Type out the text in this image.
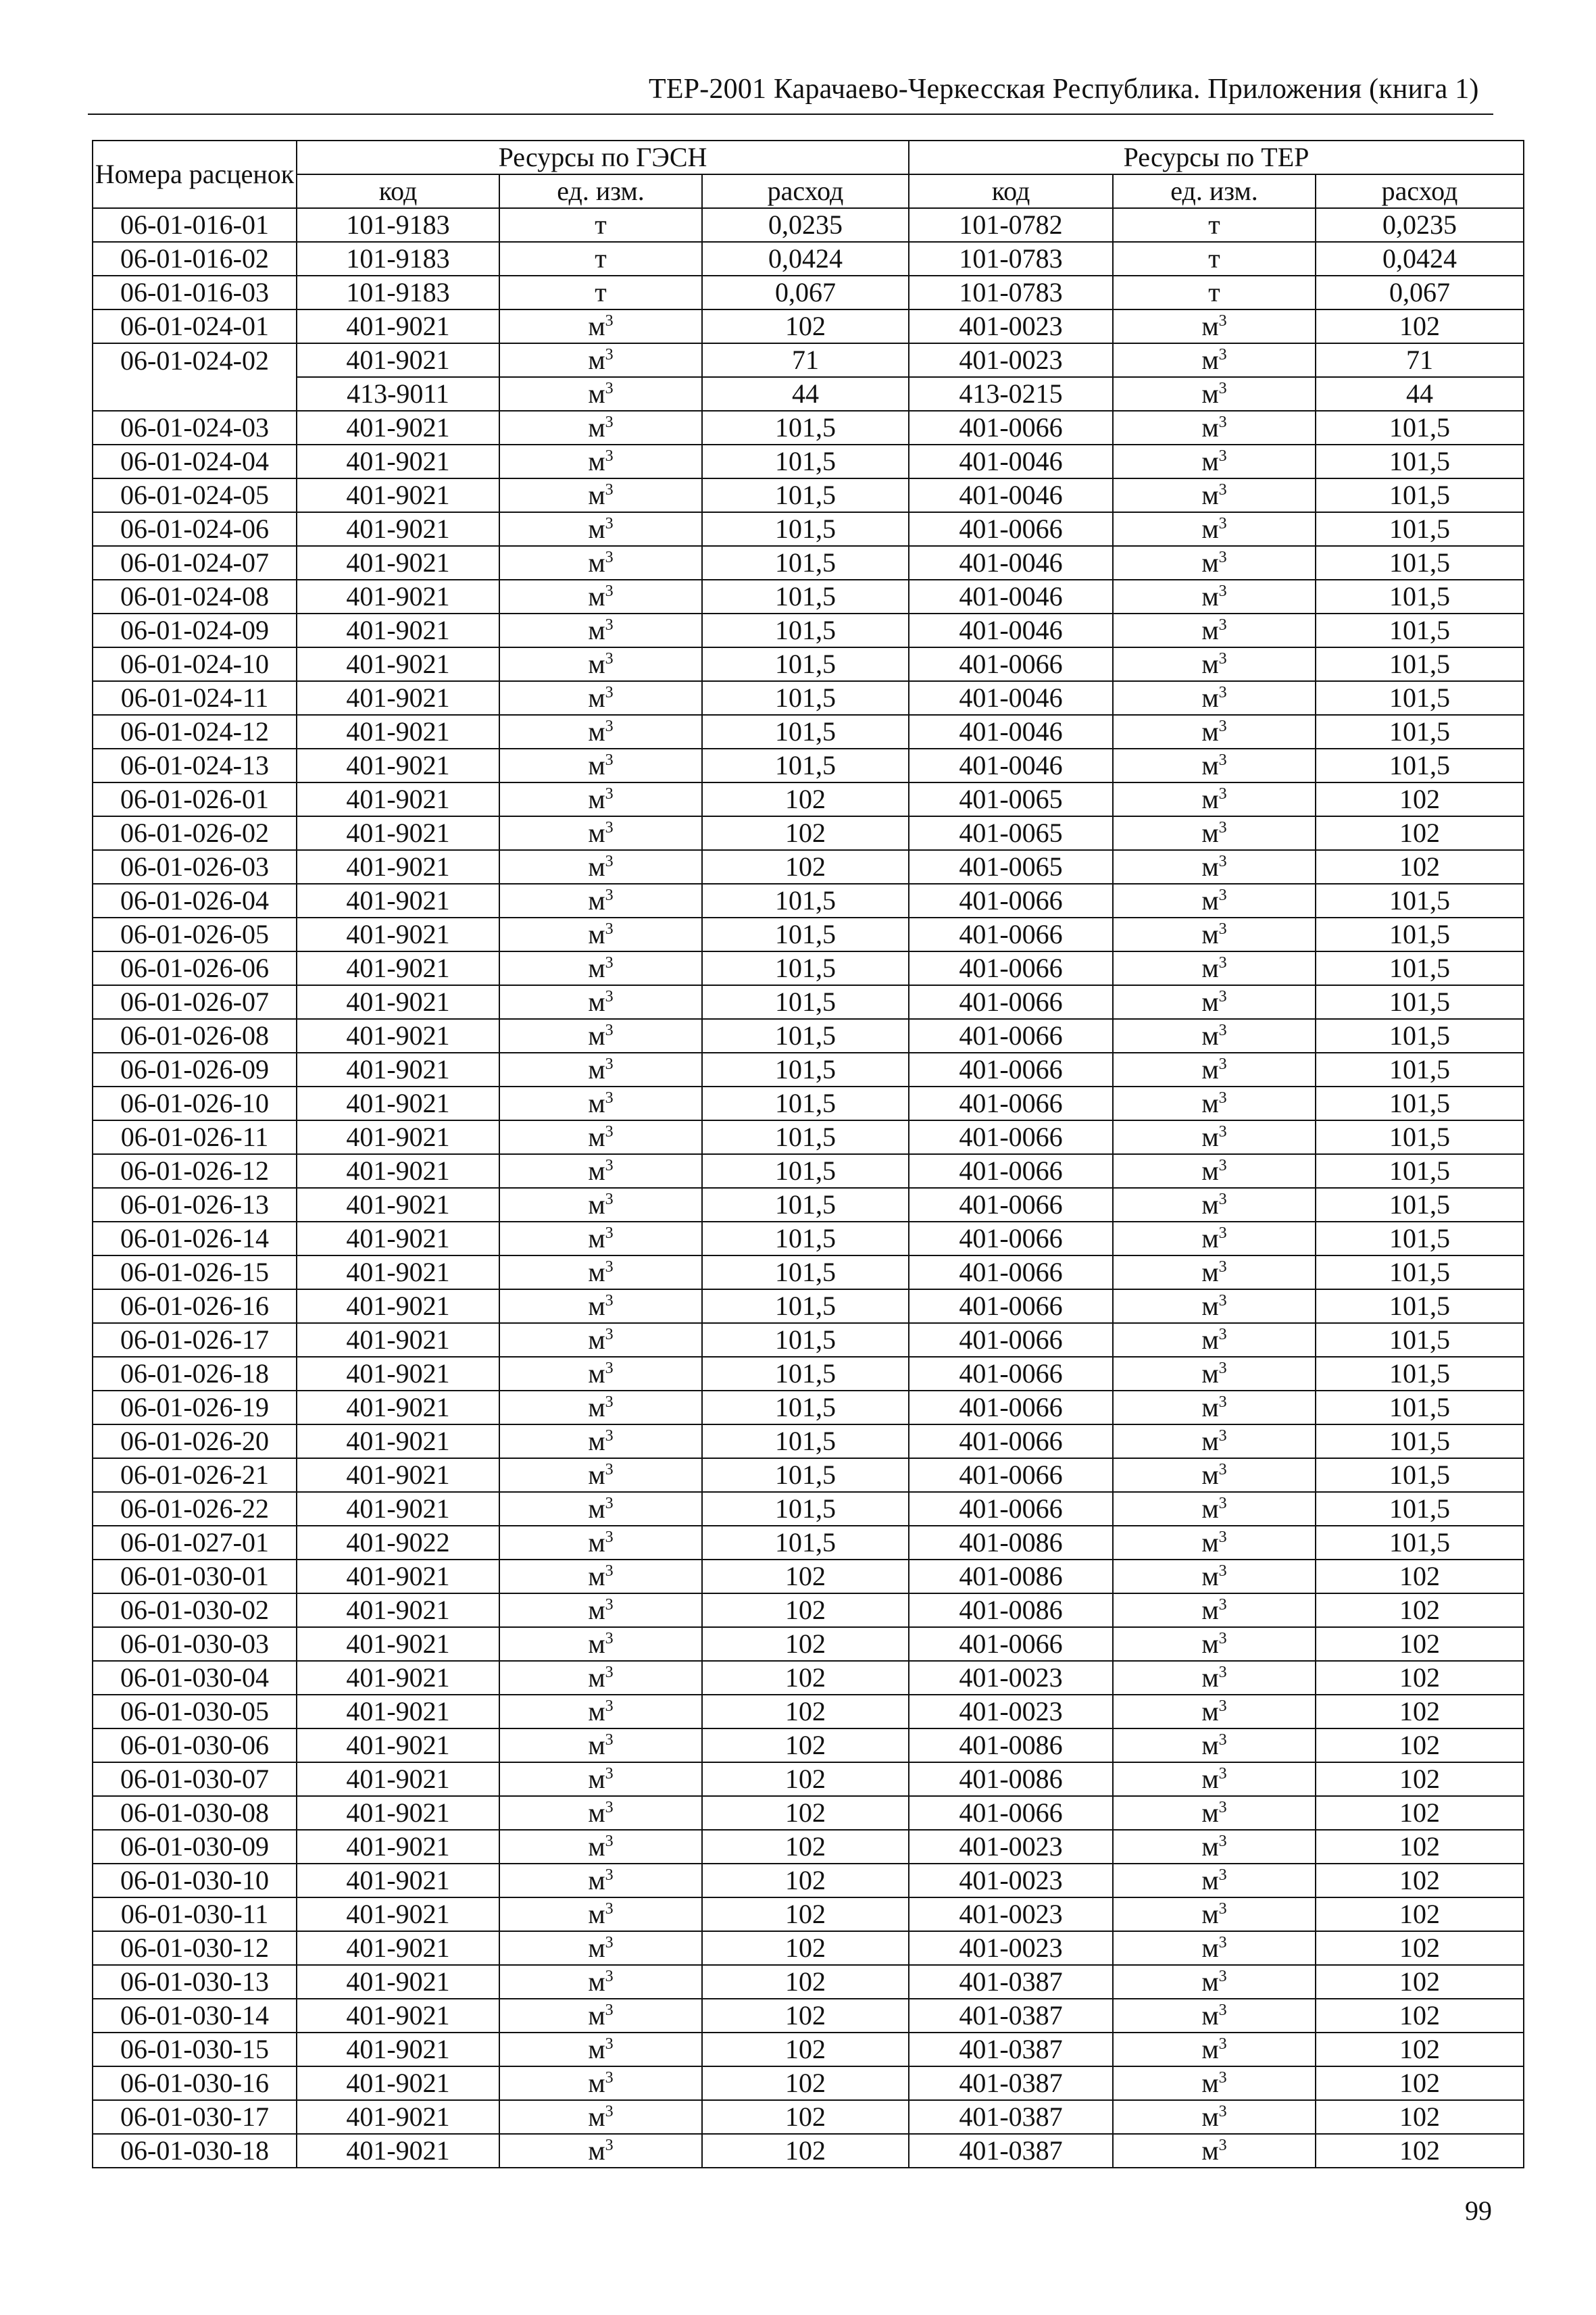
ТЕР-2001 Карачаево-Черкесская Республика. Приложения (книга 1)
Номера расценок	Ресурсы по ГЭСН			Ресурсы по ТЕР		
	код	ед. изм.	расход	код	ед. изм.	расход
06-01-016-01	101-9183	т	0,0235	101-0782	т	0,0235
06-01-016-02	101-9183	т	0,0424	101-0783	т	0,0424
06-01-016-03	101-9183	т	0,067	101-0783	т	0,067
06-01-024-01	401-9021	$м^3$	102	401-0023	$м^3$	102
06-01-024-02	401-9021	$м^3$	71	401-0023	$м^3$	71
	413-9011	$м^3$	44	413-0215	$м^3$	44
06-01-024-03	401-9021	$м^3$	101,5	401-0066	$м^3$	101,5
06-01-024-04	401-9021	$м^3$	101,5	401-0046	$м^3$	101,5
06-01-024-05	401-9021	$м^3$	101,5	401-0046	$м^3$	101,5
06-01-024-06	401-9021	$м^3$	101,5	401-0066	$м^3$	101,5
06-01-024-07	401-9021	$м^3$	101,5	401-0046	$м^3$	101,5
06-01-024-08	401-9021	$м^3$	101,5	401-0046	$м^3$	101,5
06-01-024-09	401-9021	$м^3$	101,5	401-0046	$м^3$	101,5
06-01-024-10	401-9021	$м^3$	101,5	401-0066	$м^3$	101,5
06-01-024-11	401-9021	$м^3$	101,5	401-0046	$м^3$	101,5
06-01-024-12	401-9021	$м^3$	101,5	401-0046	$м^3$	101,5
06-01-024-13	401-9021	$м^3$	101,5	401-0046	$м^3$	101,5
06-01-026-01	401-9021	$м^3$	102	401-0065	$м^3$	102
06-01-026-02	401-9021	$м^3$	102	401-0065	$м^3$	102
06-01-026-03	401-9021	$м^3$	102	401-0065	$м^3$	102
06-01-026-04	401-9021	$м^3$	101,5	401-0066	$м^3$	101,5
06-01-026-05	401-9021	$м^3$	101,5	401-0066	$м^3$	101,5
06-01-026-06	401-9021	$м^3$	101,5	401-0066	$м^3$	101,5
06-01-026-07	401-9021	$м^3$	101,5	401-0066	$м^3$	101,5
06-01-026-08	401-9021	$м^3$	101,5	401-0066	$м^3$	101,5
06-01-026-09	401-9021	$м^3$	101,5	401-0066	$м^3$	101,5
06-01-026-10	401-9021	$м^3$	101,5	401-0066	$м^3$	101,5
06-01-026-11	401-9021	$м^3$	101,5	401-0066	$м^3$	101,5
06-01-026-12	401-9021	$м^3$	101,5	401-0066	$м^3$	101,5
06-01-026-13	401-9021	$м^3$	101,5	401-0066	$м^3$	101,5
06-01-026-14	401-9021	$м^3$	101,5	401-0066	$м^3$	101,5
06-01-026-15	401-9021	$м^3$	101,5	401-0066	$м^3$	101,5
06-01-026-16	401-9021	$м^3$	101,5	401-0066	$м^3$	101,5
06-01-026-17	401-9021	$м^3$	101,5	401-0066	$м^3$	101,5
06-01-026-18	401-9021	$м^3$	101,5	401-0066	$м^3$	101,5
06-01-026-19	401-9021	$м^3$	101,5	401-0066	$м^3$	101,5
06-01-026-20	401-9021	$м^3$	101,5	401-0066	$м^3$	101,5
06-01-026-21	401-9021	$м^3$	101,5	401-0066	$м^3$	101,5
06-01-026-22	401-9021	$м^3$	101,5	401-0066	$м^3$	101,5
06-01-027-01	401-9022	$м^3$	101,5	401-0086	$м^3$	101,5
06-01-030-01	401-9021	$м^3$	102	401-0086	$м^3$	102
06-01-030-02	401-9021	$м^3$	102	401-0086	$м^3$	102
06-01-030-03	401-9021	$м^3$	102	401-0066	$м^3$	102
06-01-030-04	401-9021	$м^3$	102	401-0023	$м^3$	102
06-01-030-05	401-9021	$м^3$	102	401-0023	$м^3$	102
06-01-030-06	401-9021	$м^3$	102	401-0086	$м^3$	102
06-01-030-07	401-9021	$м^3$	102	401-0086	$м^3$	102
06-01-030-08	401-9021	$м^3$	102	401-0066	$м^3$	102
06-01-030-09	401-9021	$м^3$	102	401-0023	$м^3$	102
06-01-030-10	401-9021	$м^3$	102	401-0023	$м^3$	102
06-01-030-11	401-9021	$м^3$	102	401-0023	$м^3$	102
06-01-030-12	401-9021	$м^3$	102	401-0023	$м^3$	102
06-01-030-13	401-9021	$м^3$	102	401-0387	$м^3$	102
06-01-030-14	401-9021	$м^3$	102	401-0387	$м^3$	102
06-01-030-15	401-9021	$м^3$	102	401-0387	$м^3$	102
06-01-030-16	401-9021	$м^3$	102	401-0387	$м^3$	102
06-01-030-17	401-9021	$м^3$	102	401-0387	$м^3$	102
06-01-030-18	401-9021	$м^3$	102	401-0387	$м^3$	102
99
